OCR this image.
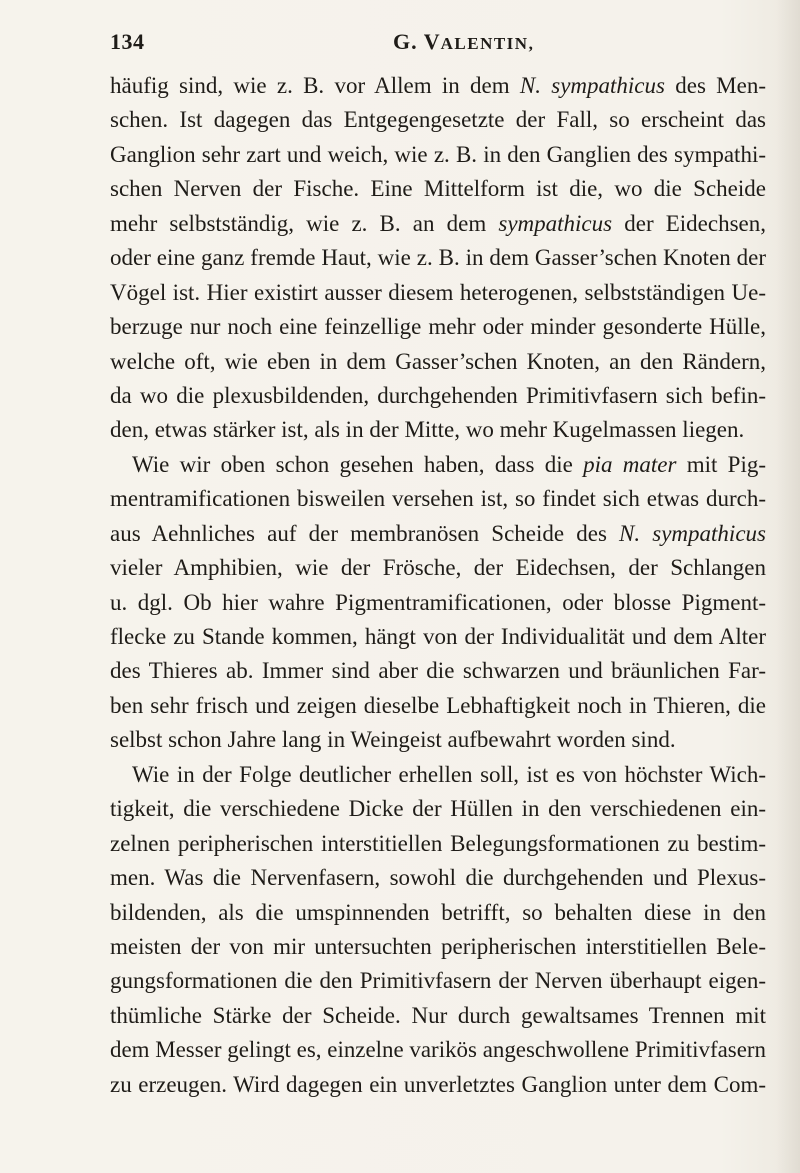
134	G. VALENTIN,
häufig sind, wie z. B. vor Allem in dem N. sympathicus des Men-
schen. Ist dagegen das Entgegengesetzte der Fall, so erscheint das
Ganglion sehr zart und weich, wie z. B. in den Ganglien des sympathi-
schen Nerven der Fische. Eine Mittelform ist die, wo die Scheide
mehr selbstständig, wie z. B. an dem sympathicus der Eidechsen,
oder eine ganz fremde Haut, wie z. B. in dem Gasser’schen Knoten der
Vögel ist. Hier existirt ausser diesem heterogenen, selbstständigen Ue-
berzuge nur noch eine feinzellige mehr oder minder gesonderte Hülle,
welche oft, wie eben in dem Gasser’schen Knoten, an den Rändern,
da wo die plexusbildenden, durchgehenden Primitivfasern sich befin-
den, etwas stärker ist, als in der Mitte, wo mehr Kugelmassen liegen.
Wie wir oben schon gesehen haben, dass die pia mater mit Pig-
mentramificationen bisweilen versehen ist, so findet sich etwas durch-
aus Aehnliches auf der membranösen Scheide des N. sympathicus
vieler Amphibien, wie der Frösche, der Eidechsen, der Schlangen
u. dgl. Ob hier wahre Pigmentramificationen, oder blosse Pigment-
flecke zu Stande kommen, hängt von der Individualität und dem Alter
des Thieres ab. Immer sind aber die schwarzen und bräunlichen Far-
ben sehr frisch und zeigen dieselbe Lebhaftigkeit noch in Thieren, die
selbst schon Jahre lang in Weingeist aufbewahrt worden sind.
Wie in der Folge deutlicher erhellen soll, ist es von höchster Wich-
tigkeit, die verschiedene Dicke der Hüllen in den verschiedenen ein-
zelnen peripherischen interstitiellen Belegungsformationen zu bestim-
men. Was die Nervenfasern, sowohl die durchgehenden und Plexus-
bildenden, als die umspinnenden betrifft, so behalten diese in den
meisten der von mir untersuchten peripherischen interstitiellen Bele-
gungsformationen die den Primitivfasern der Nerven überhaupt eigen-
thümliche Stärke der Scheide. Nur durch gewaltsames Trennen mit
dem Messer gelingt es, einzelne varikös angeschwollene Primitivfasern
zu erzeugen. Wird dagegen ein unverletztes Ganglion unter dem Com-
